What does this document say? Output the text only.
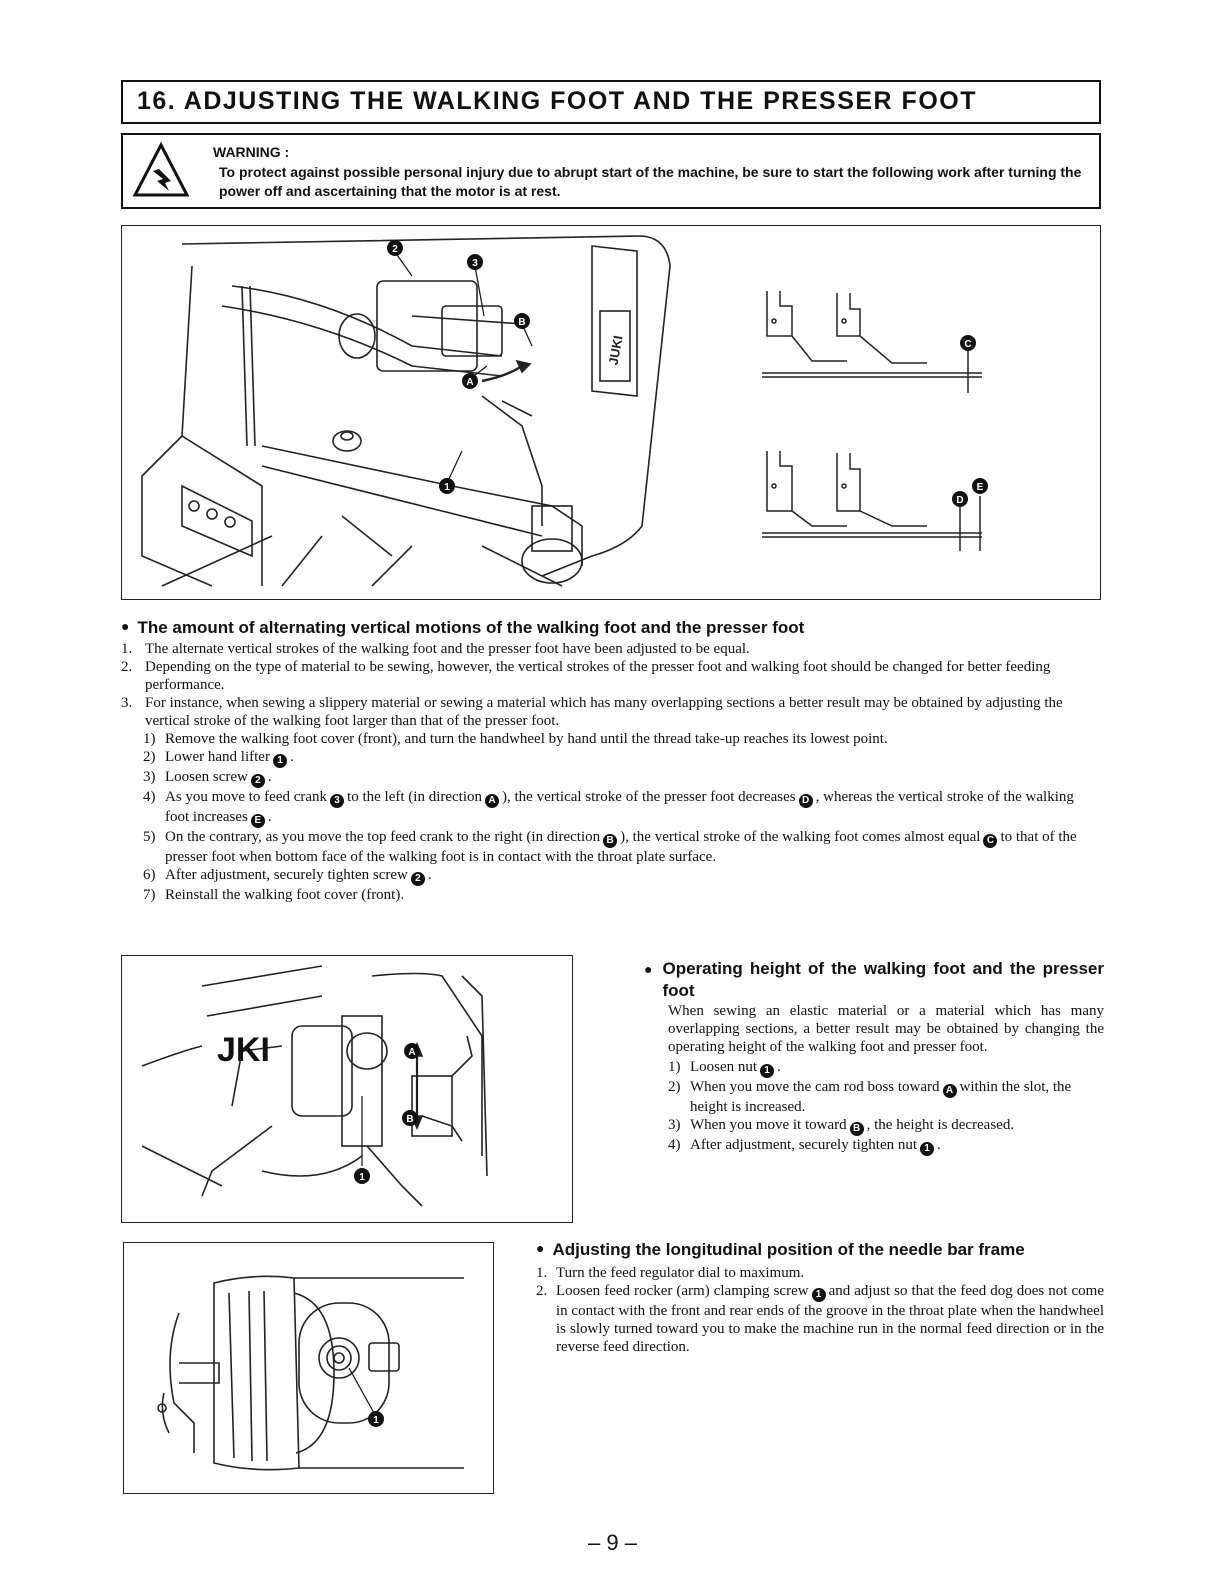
16. ADJUSTING THE WALKING FOOT AND THE PRESSER FOOT
WARNING :
To protect against possible personal injury due to abrupt start of the machine, be sure to start the following work after turning the power off and ascertaining that the motor is at rest.
2
3
B
A
1
JUKI	C
E
D
● The amount of alternating vertical motions of the walking foot and the presser foot
1. The alternate vertical strokes of the walking foot and the presser foot have been adjusted to be equal.
2. Depending on the type of material to be sewing, however, the vertical strokes of the presser foot and walking foot should be changed for better feeding performance.
3. For instance, when sewing a slippery material or sewing a material which has many overlapping sections a better result may be obtained by adjusting the vertical stroke of the walking foot larger than that of the presser foot.
1) Remove the walking foot cover (front), and turn the handwheel by hand until the thread take-up reaches its lowest point.
2) Lower hand lifter 1 .
3) Loosen screw 2 .
4) As you move to feed crank 3 to the left (in direction A ), the vertical stroke of the presser foot decreases D , whereas the vertical stroke of the walking foot increases E .
5) On the contrary, as you move the top feed crank to the right (in direction B ), the vertical stroke of the walking foot comes almost equal C to that of the presser foot when bottom face of the walking foot is in contact with the throat plate surface.
6) After adjustment, securely tighten screw 2 .
7) Reinstall the walking foot cover (front).
JKI	A
B
1
● Operating height of the walking foot and the presser foot
When sewing an elastic material or a material which has many overlapping sections, a better result may be obtained by changing the operating height of the walking foot and presser foot.
1) Loosen nut 1 .
2) When you move the cam rod boss toward A within the slot, the height is increased.
3) When you move it toward B , the height is decreased.
4) After adjustment, securely tighten nut 1 .
1
● Adjusting the longitudinal position of the needle bar frame
1. Turn the feed regulator dial to maximum.
2. Loosen feed rocker (arm) clamping screw 1 and adjust so that the feed dog does not come in contact with the front and rear ends of the groove in the throat plate when the handwheel is slowly turned toward you to make the machine run in the normal feed direction or in the reverse feed direction.
– 9 –
